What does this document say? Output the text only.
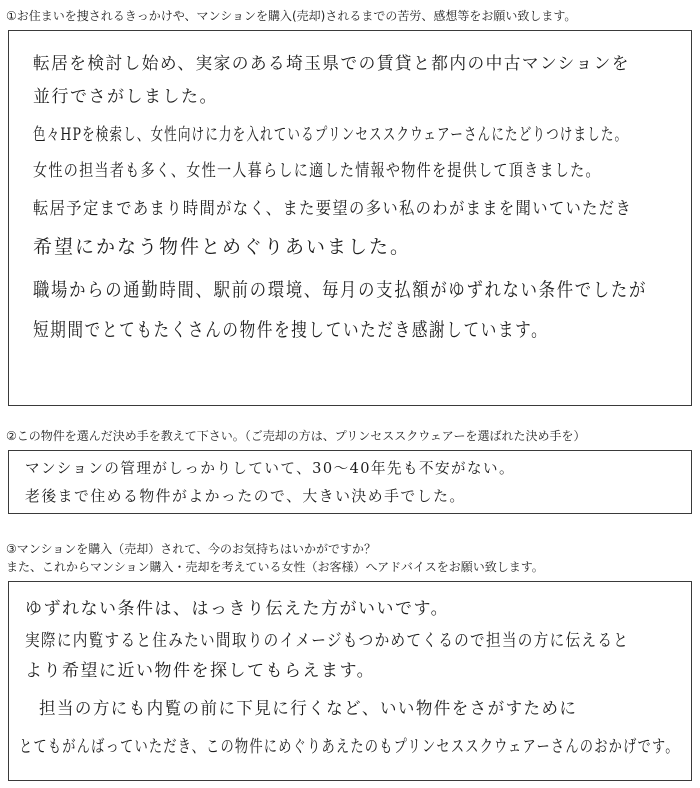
①お住まいを捜されるきっかけや、マンションを購入(売却)されるまでの苦労、感想等をお願い致します。
転居を検討し始め、実家のある埼玉県での賃貸と都内の中古マンションを
並行でさがしました。
色々HPを検索し、女性向けに力を入れているプリンセススクウェアーさんにたどりつけました。
女性の担当者も多く、女性一人暮らしに適した情報や物件を提供して頂きました。
転居予定まであまり時間がなく、また要望の多い私のわがままを聞いていただき
希望にかなう物件とめぐりあいました。
職場からの通勤時間、駅前の環境、毎月の支払額がゆずれない条件でしたが
短期間でとてもたくさんの物件を捜していただき感謝しています。
②この物件を選んだ決め手を教えて下さい。（ご売却の方は、プリンセススクウェアーを選ばれた決め手を）
マンションの管理がしっかりしていて、30～40年先も不安がない。
老後まで住める物件がよかったので、大きい決め手でした。
③マンションを購入（売却）されて、今のお気持ちはいかがですか？
また、これからマンション購入・売却を考えている女性（お客様）へアドバイスをお願い致します。
ゆずれない条件は、はっきり伝えた方がいいです。
実際に内覧すると住みたい間取りのイメージもつかめてくるので担当の方に伝えると
より希望に近い物件を探してもらえます。
担当の方にも内覧の前に下見に行くなど、いい物件をさがすために
とてもがんばっていただき、この物件にめぐりあえたのもプリンセススクウェアーさんのおかげです。
